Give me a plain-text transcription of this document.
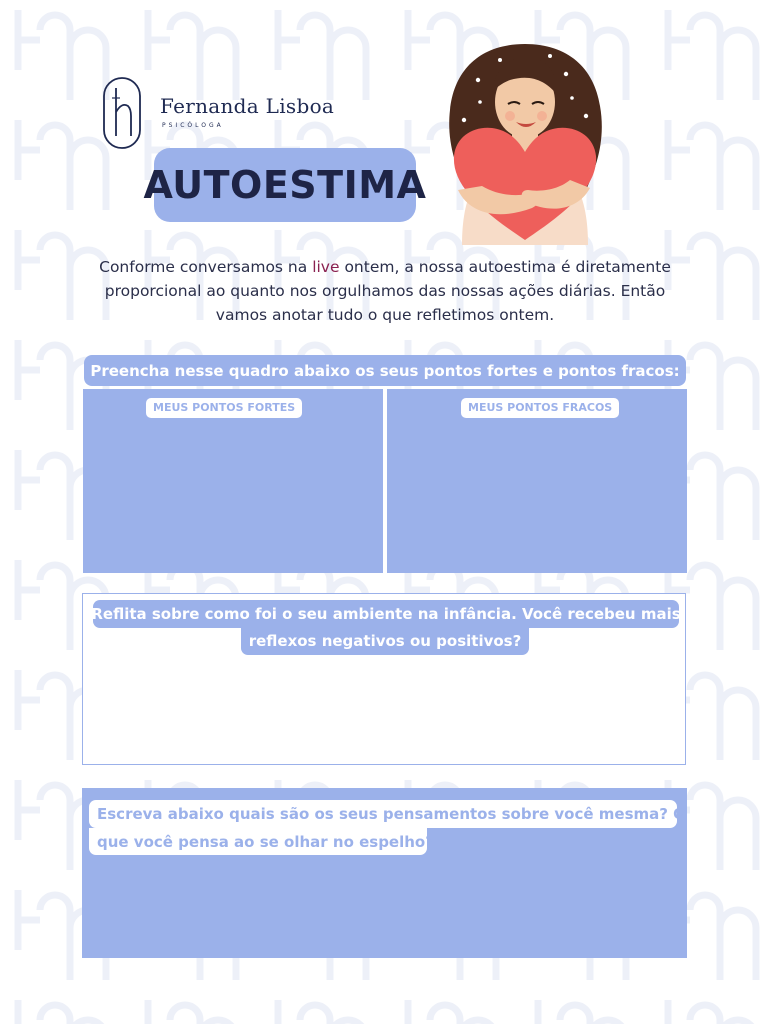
Fernanda Lisboa
PSICÓLOGA
AUTOESTIMA
Conforme conversamos na live ontem, a nossa autoestima é diretamente proporcional ao quanto nos orgulhamos das nossas ações diárias. Então vamos anotar tudo o que refletimos ontem.
Preencha nesse quadro abaixo os seus pontos fortes e pontos fracos:
MEUS PONTOS FORTES	MEUS PONTOS FRACOS
Reflita sobre como foi o seu ambiente na infância. Você recebeu mais
reflexos negativos ou positivos?
Escreva abaixo quais são os seus pensamentos sobre você mesma? O
que você pensa ao se olhar no espelho?
